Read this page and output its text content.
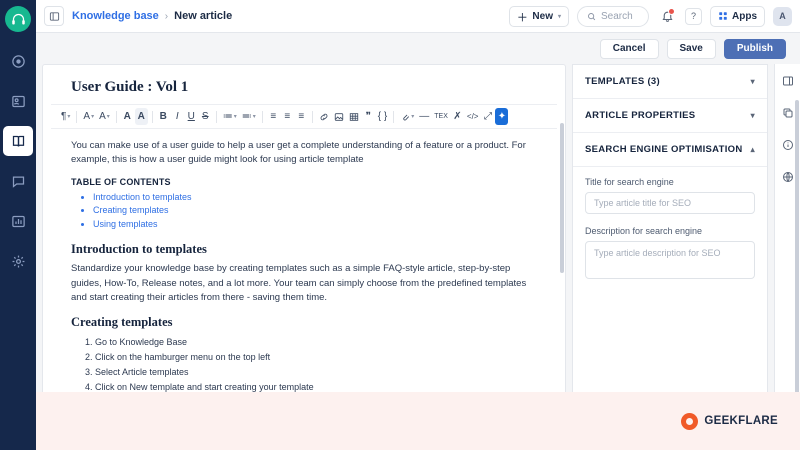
Knowledge base › New article	＋ New ▾	Search	?	Apps	A
Cancel	Save	Publish
User Guide : Vol 1
¶ ▾	A ▾ A ▾	A A B I U S	≔ ▾ ≕ ▾	≡ ≡ ≡	❞ { } ▾	— TEX ✗ </> ⤢ ✦

You can make use of a user guide to help a user get a complete understanding of a feature or a product. For example, this is how a user guide might look for using article template

TABLE OF CONTENTS
• Introduction to templates
• Creating templates
• Using templates
Introduction to templates

Standardize your knowledge base by creating templates such as a simple FAQ-style article, step-by-step guides, How-To, Release notes, and a lot more. Your team can simply choose from the predefined templates and start creating their articles from there - saving them time.

Creating templates
1. Go to Knowledge Base
2. Click on the hamburger menu on the top left
3. Select Article templates
4. Click on New template and start creating your template
TEMPLATES (3)	▾
ARTICLE PROPERTIES	▾
SEARCH ENGINE OPTIMISATION ▴
Title for search engine
Type article title for SEO
Description for search engine
Type article description for SEO
GEEKFLARE
